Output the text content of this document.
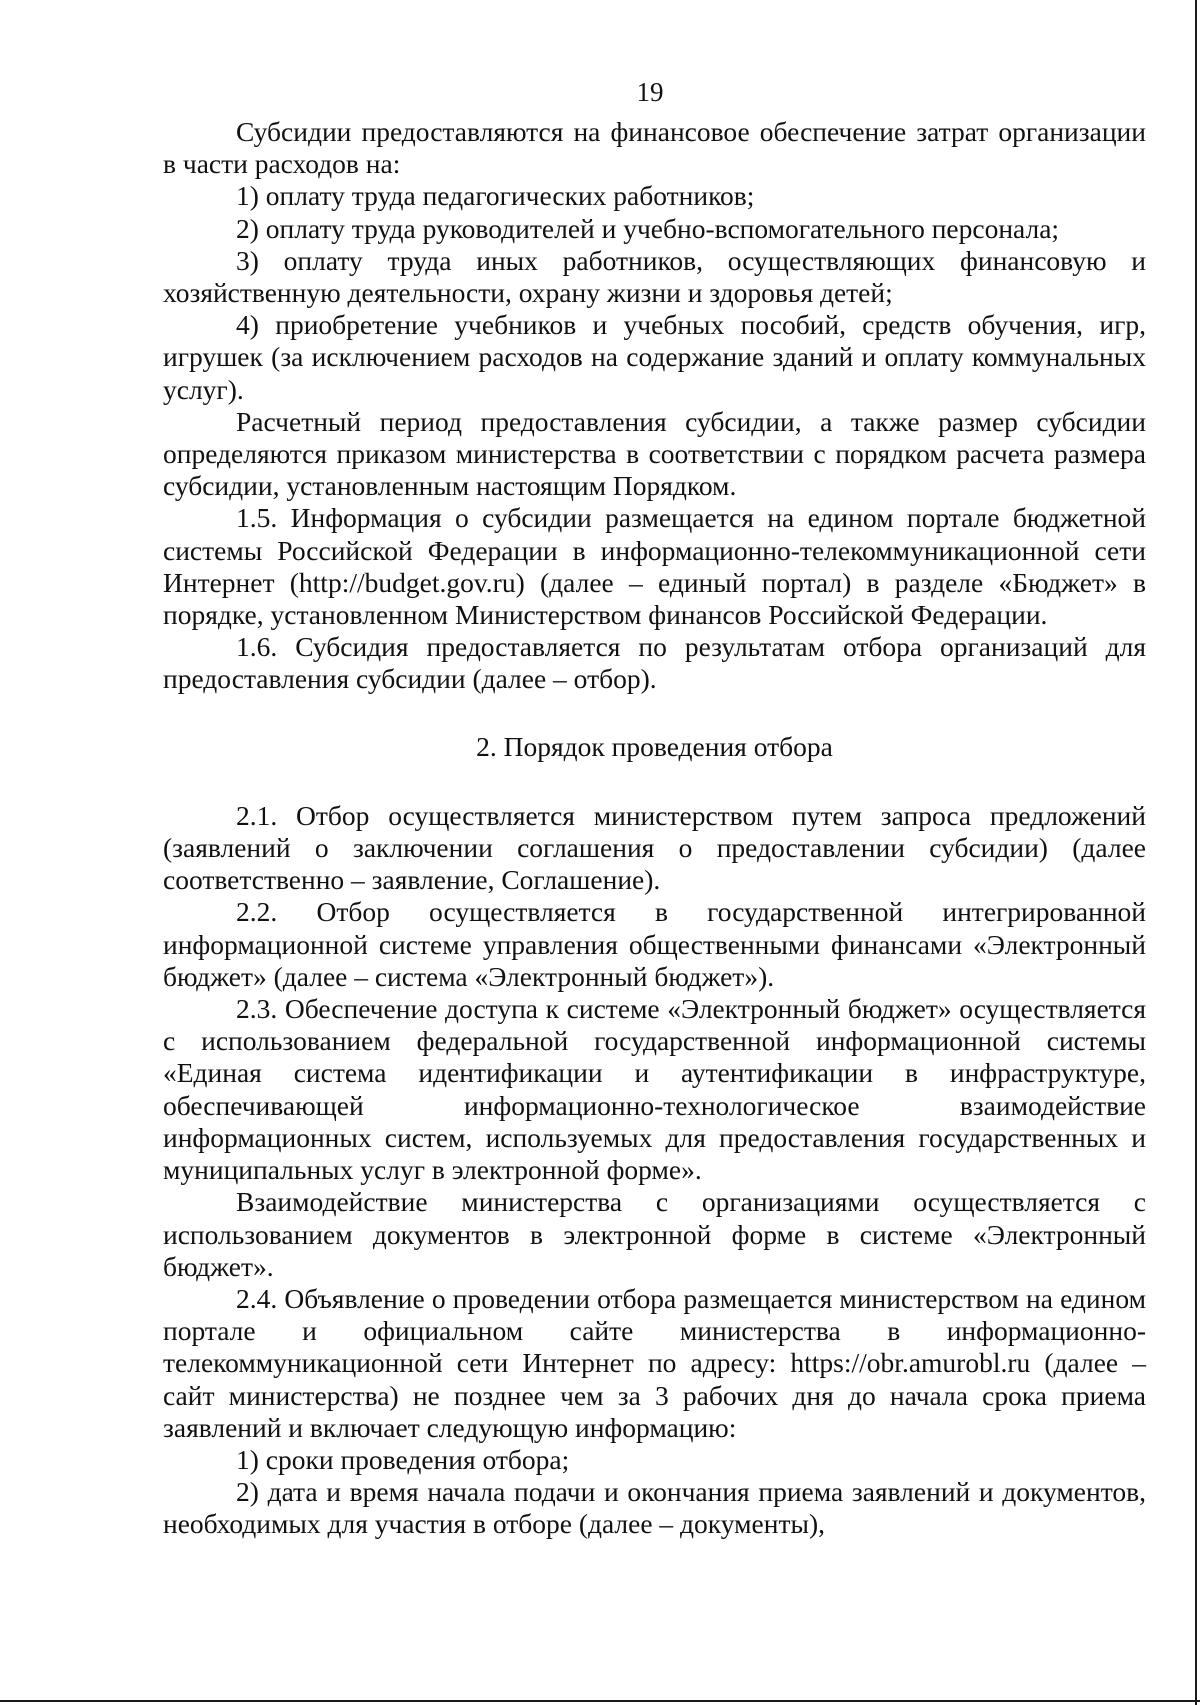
19

Субсидии предоставляются на финансовое обеспечение затрат организации в части расходов на:

1) оплату труда педагогических работников;

2) оплату труда руководителей и учебно-вспомогательного персонала;

3) оплату труда иных работников, осуществляющих финансовую и хозяйственную деятельности, охрану жизни и здоровья детей;

4) приобретение учебников и учебных пособий, средств обучения, игр, игрушек (за исключением расходов на содержание зданий и оплату коммунальных услуг).

Расчетный период предоставления субсидии, а также размер субсидии определяются приказом министерства в соответствии с порядком расчета размера субсидии, установленным настоящим Порядком.

1.5. Информация о субсидии размещается на едином портале бюджетной системы Российской Федерации в информационно-телекоммуникационной сети Интернет (http://budget.gov.ru) (далее – единый портал) в разделе «Бюджет» в порядке, установленном Министерством финансов Российской Федерации.

1.6. Субсидия предоставляется по результатам отбора организаций для предоставления субсидии (далее – отбор).

2. Порядок проведения отбора

2.1. Отбор осуществляется министерством путем запроса предложений (заявлений о заключении соглашения о предоставлении субсидии) (далее соответственно – заявление, Соглашение).

2.2. Отбор осуществляется в государственной интегрированной информационной системе управления общественными финансами «Электронный бюджет» (далее – система «Электронный бюджет»).

2.3. Обеспечение доступа к системе «Электронный бюджет» осуществляется с использованием федеральной государственной информационной системы «Единая система идентификации и аутентификации в инфраструктуре, обеспечивающей информационно-технологическое взаимодействие информационных систем, используемых для предоставления государственных и муниципальных услуг в электронной форме».

Взаимодействие министерства с организациями осуществляется с использованием документов в электронной форме в системе «Электронный бюджет».

2.4. Объявление о проведении отбора размещается министерством на едином портале и официальном сайте министерства в информационно-телекоммуникационной сети Интернет по адресу: https://obr.amurobl.ru (далее – сайт министерства) не позднее чем за 3 рабочих дня до начала срока приема заявлений и включает следующую информацию:

1) сроки проведения отбора;

2) дата и время начала подачи и окончания приема заявлений и документов, необходимых для участия в отборе (далее – документы),
